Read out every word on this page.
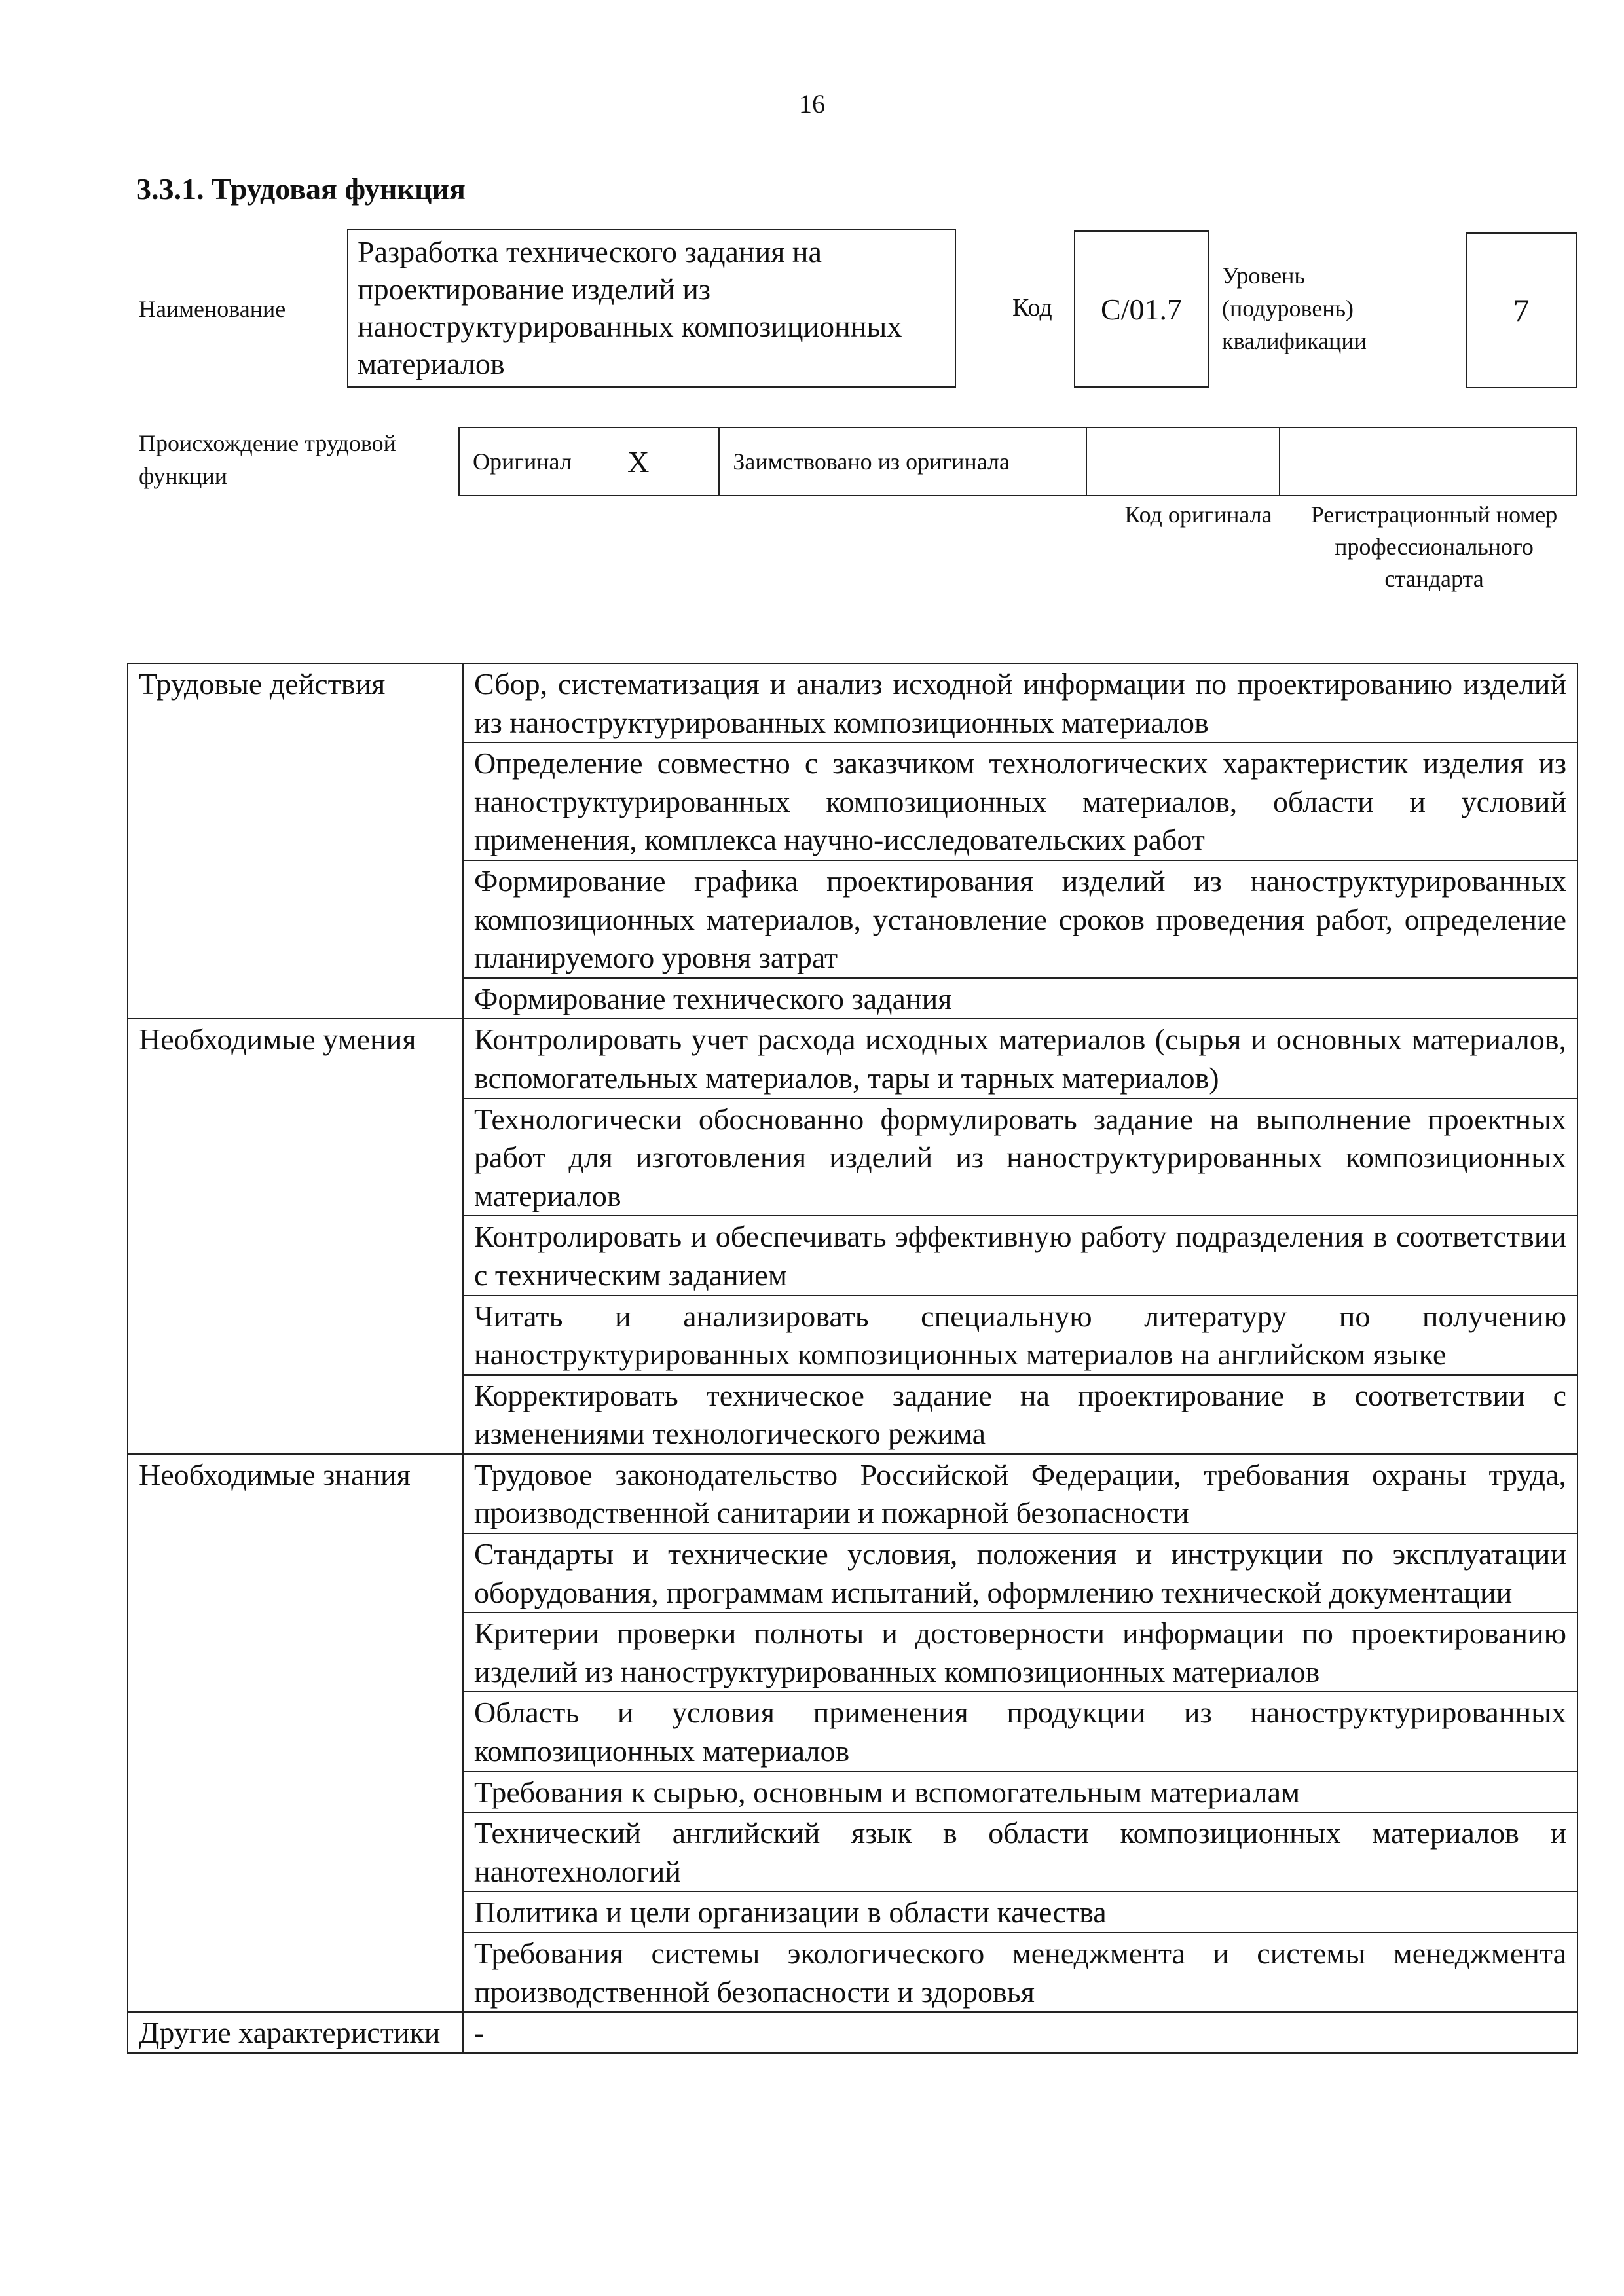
16
3.3.1. Трудовая функция
Наименование
Разработка технического задания на проектирование изделий из наноструктурированных композиционных материалов
Код С/01.7
Уровень (подуровень) квалификации
7
Происхождение трудовой функции
Оригинал	Х	Заимствовано из оригинала
Код оригинала	Регистрационный номер профессионального стандарта
Трудовые действия	Сбор, систематизация и анализ исходной информации по проектированию изделий из наноструктурированных композиционных материалов
	Определение совместно с заказчиком технологических характеристик изделия из наноструктурированных композиционных материалов, области и условий применения, комплекса научно-исследовательских работ
	Формирование графика проектирования изделий из наноструктурированных композиционных материалов, установление сроков проведения работ, определение планируемого уровня затрат
	Формирование технического задания
Необходимые умения	Контролировать учет расхода исходных материалов (сырья и основных материалов, вспомогательных материалов, тары и тарных материалов)
	Технологически обоснованно формулировать задание на выполнение проектных работ для изготовления изделий из наноструктурированных композиционных материалов
	Контролировать и обеспечивать эффективную работу подразделения в соответствии с техническим заданием
	Читать и анализировать специальную литературу по получению наноструктурированных композиционных материалов на английском языке
	Корректировать техническое задание на проектирование в соответствии с изменениями технологического режима
Необходимые знания	Трудовое законодательство Российской Федерации, требования охраны труда, производственной санитарии и пожарной безопасности
	Стандарты и технические условия, положения и инструкции по эксплуатации оборудования, программам испытаний, оформлению технической документации
	Критерии проверки полноты и достоверности информации по проектированию изделий из наноструктурированных композиционных материалов
	Область и условия применения продукции из наноструктурированных композиционных материалов
	Требования к сырью, основным и вспомогательным материалам
	Технический английский язык в области композиционных материалов и нанотехнологий
	Политика и цели организации в области качества
	Требования системы экологического менеджмента и системы менеджмента производственной безопасности и здоровья
Другие характеристики	-
